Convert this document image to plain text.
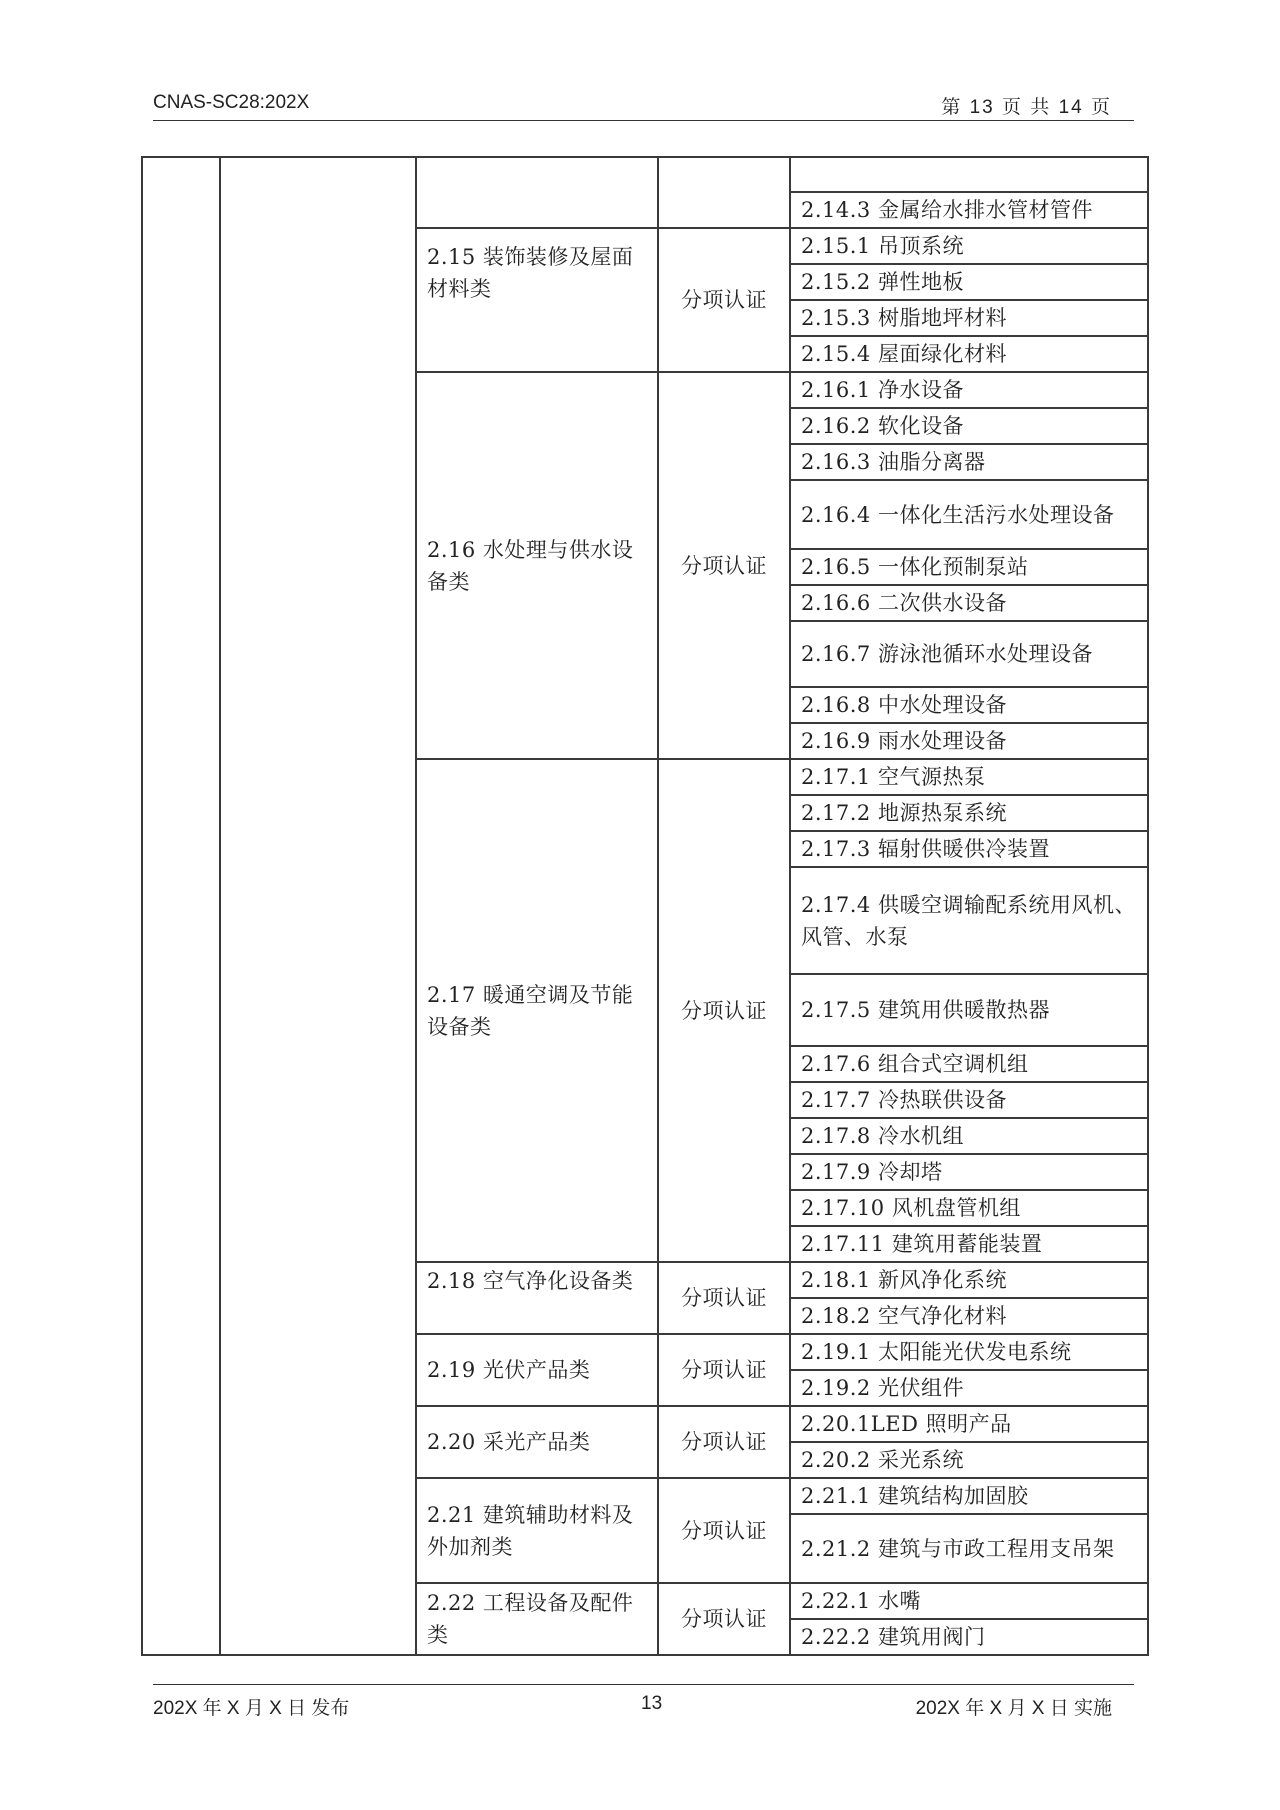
CNAS-SC28:202X	第 13 页 共 14 页

				2.14.3 金属给水排水管材管件
		2.15 装饰装修及屋面材料类	分项认证	2.15.1 吊顶系统
				2.15.2 弹性地板
				2.15.3 树脂地坪材料
				2.15.4 屋面绿化材料
		2.16 水处理与供水设备类	分项认证	2.16.1 净水设备
				2.16.2 软化设备
				2.16.3 油脂分离器
				2.16.4 一体化生活污水处理设备
				2.16.5 一体化预制泵站
				2.16.6 二次供水设备
				2.16.7 游泳池循环水处理设备
				2.16.8 中水处理设备
				2.16.9 雨水处理设备
		2.17 暖通空调及节能设备类	分项认证	2.17.1 空气源热泵
				2.17.2 地源热泵系统
				2.17.3 辐射供暖供冷装置
				2.17.4 供暖空调输配系统用风机、风管、水泵
				2.17.5 建筑用供暖散热器
				2.17.6 组合式空调机组
				2.17.7 冷热联供设备
				2.17.8 冷水机组
				2.17.9 冷却塔
				2.17.10 风机盘管机组
				2.17.11 建筑用蓄能装置
		2.18 空气净化设备类	分项认证	2.18.1 新风净化系统
				2.18.2 空气净化材料
		2.19 光伏产品类	分项认证	2.19.1 太阳能光伏发电系统
				2.19.2 光伏组件
		2.20 采光产品类	分项认证	2.20.1LED 照明产品
				2.20.2 采光系统
		2.21 建筑辅助材料及外加剂类	分项认证	2.21.1 建筑结构加固胶
				2.21.2 建筑与市政工程用支吊架
		2.22 工程设备及配件类	分项认证	2.22.1 水嘴
				2.22.2 建筑用阀门
202X 年 X 月 X 日 发布	13	202X 年 X 月 X 日 实施
